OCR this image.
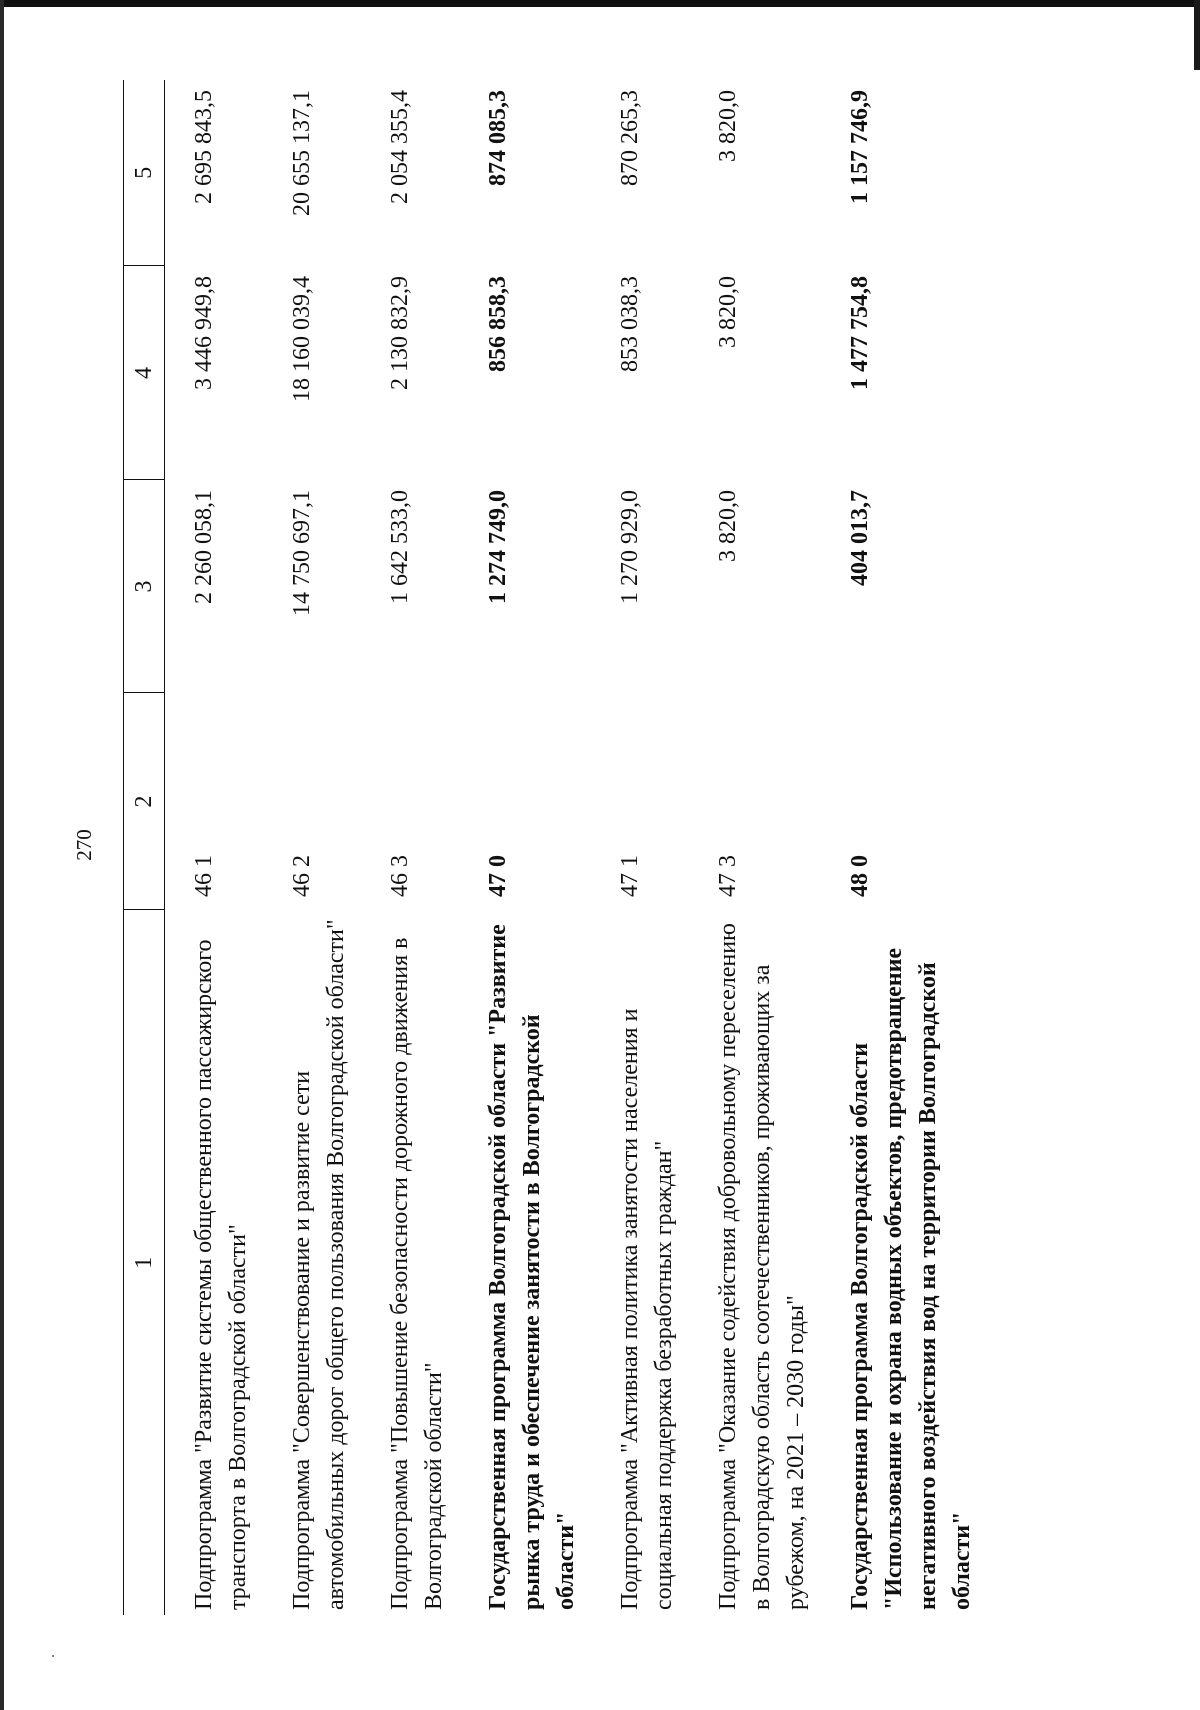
270
1	2	3	4	5

Подпрограмма "Развитие системы общественного пассажирского транспорта в Волгоградской области"	46 1	2 260 058,1	3 446 949,8	2 695 843,5

Подпрограмма "Совершенствование и развитие сети автомобильных дорог общего пользования Волгоградской области"	46 2	14 750 697,1	18 160 039,4	20 655 137,1

Подпрограмма "Повышение безопасности дорожного движения в Волгоградской области"	46 3	1 642 533,0	2 130 832,9	2 054 355,4

Государственная программа Волгоградской области "Развитие рынка труда и обеспечение занятости в Волгоградской области"	47 0	1 274 749,0	856 858,3	874 085,3

Подпрограмма "Активная политика занятости населения и социальная поддержка безработных граждан"	47 1	1 270 929,0	853 038,3	870 265,3

Подпрограмма "Оказание содействия добровольному переселению в Волгоградскую область соотечественников, проживающих за рубежом, на 2021 – 2030 годы"	47 3	3 820,0	3 820,0	3 820,0

Государственная программа Волгоградской области "Использование и охрана водных объектов, предотвращение негативного воздействия вод на территории Волгоградской области"	48 0	404 013,7	1 477 754,8	1 157 746,9
